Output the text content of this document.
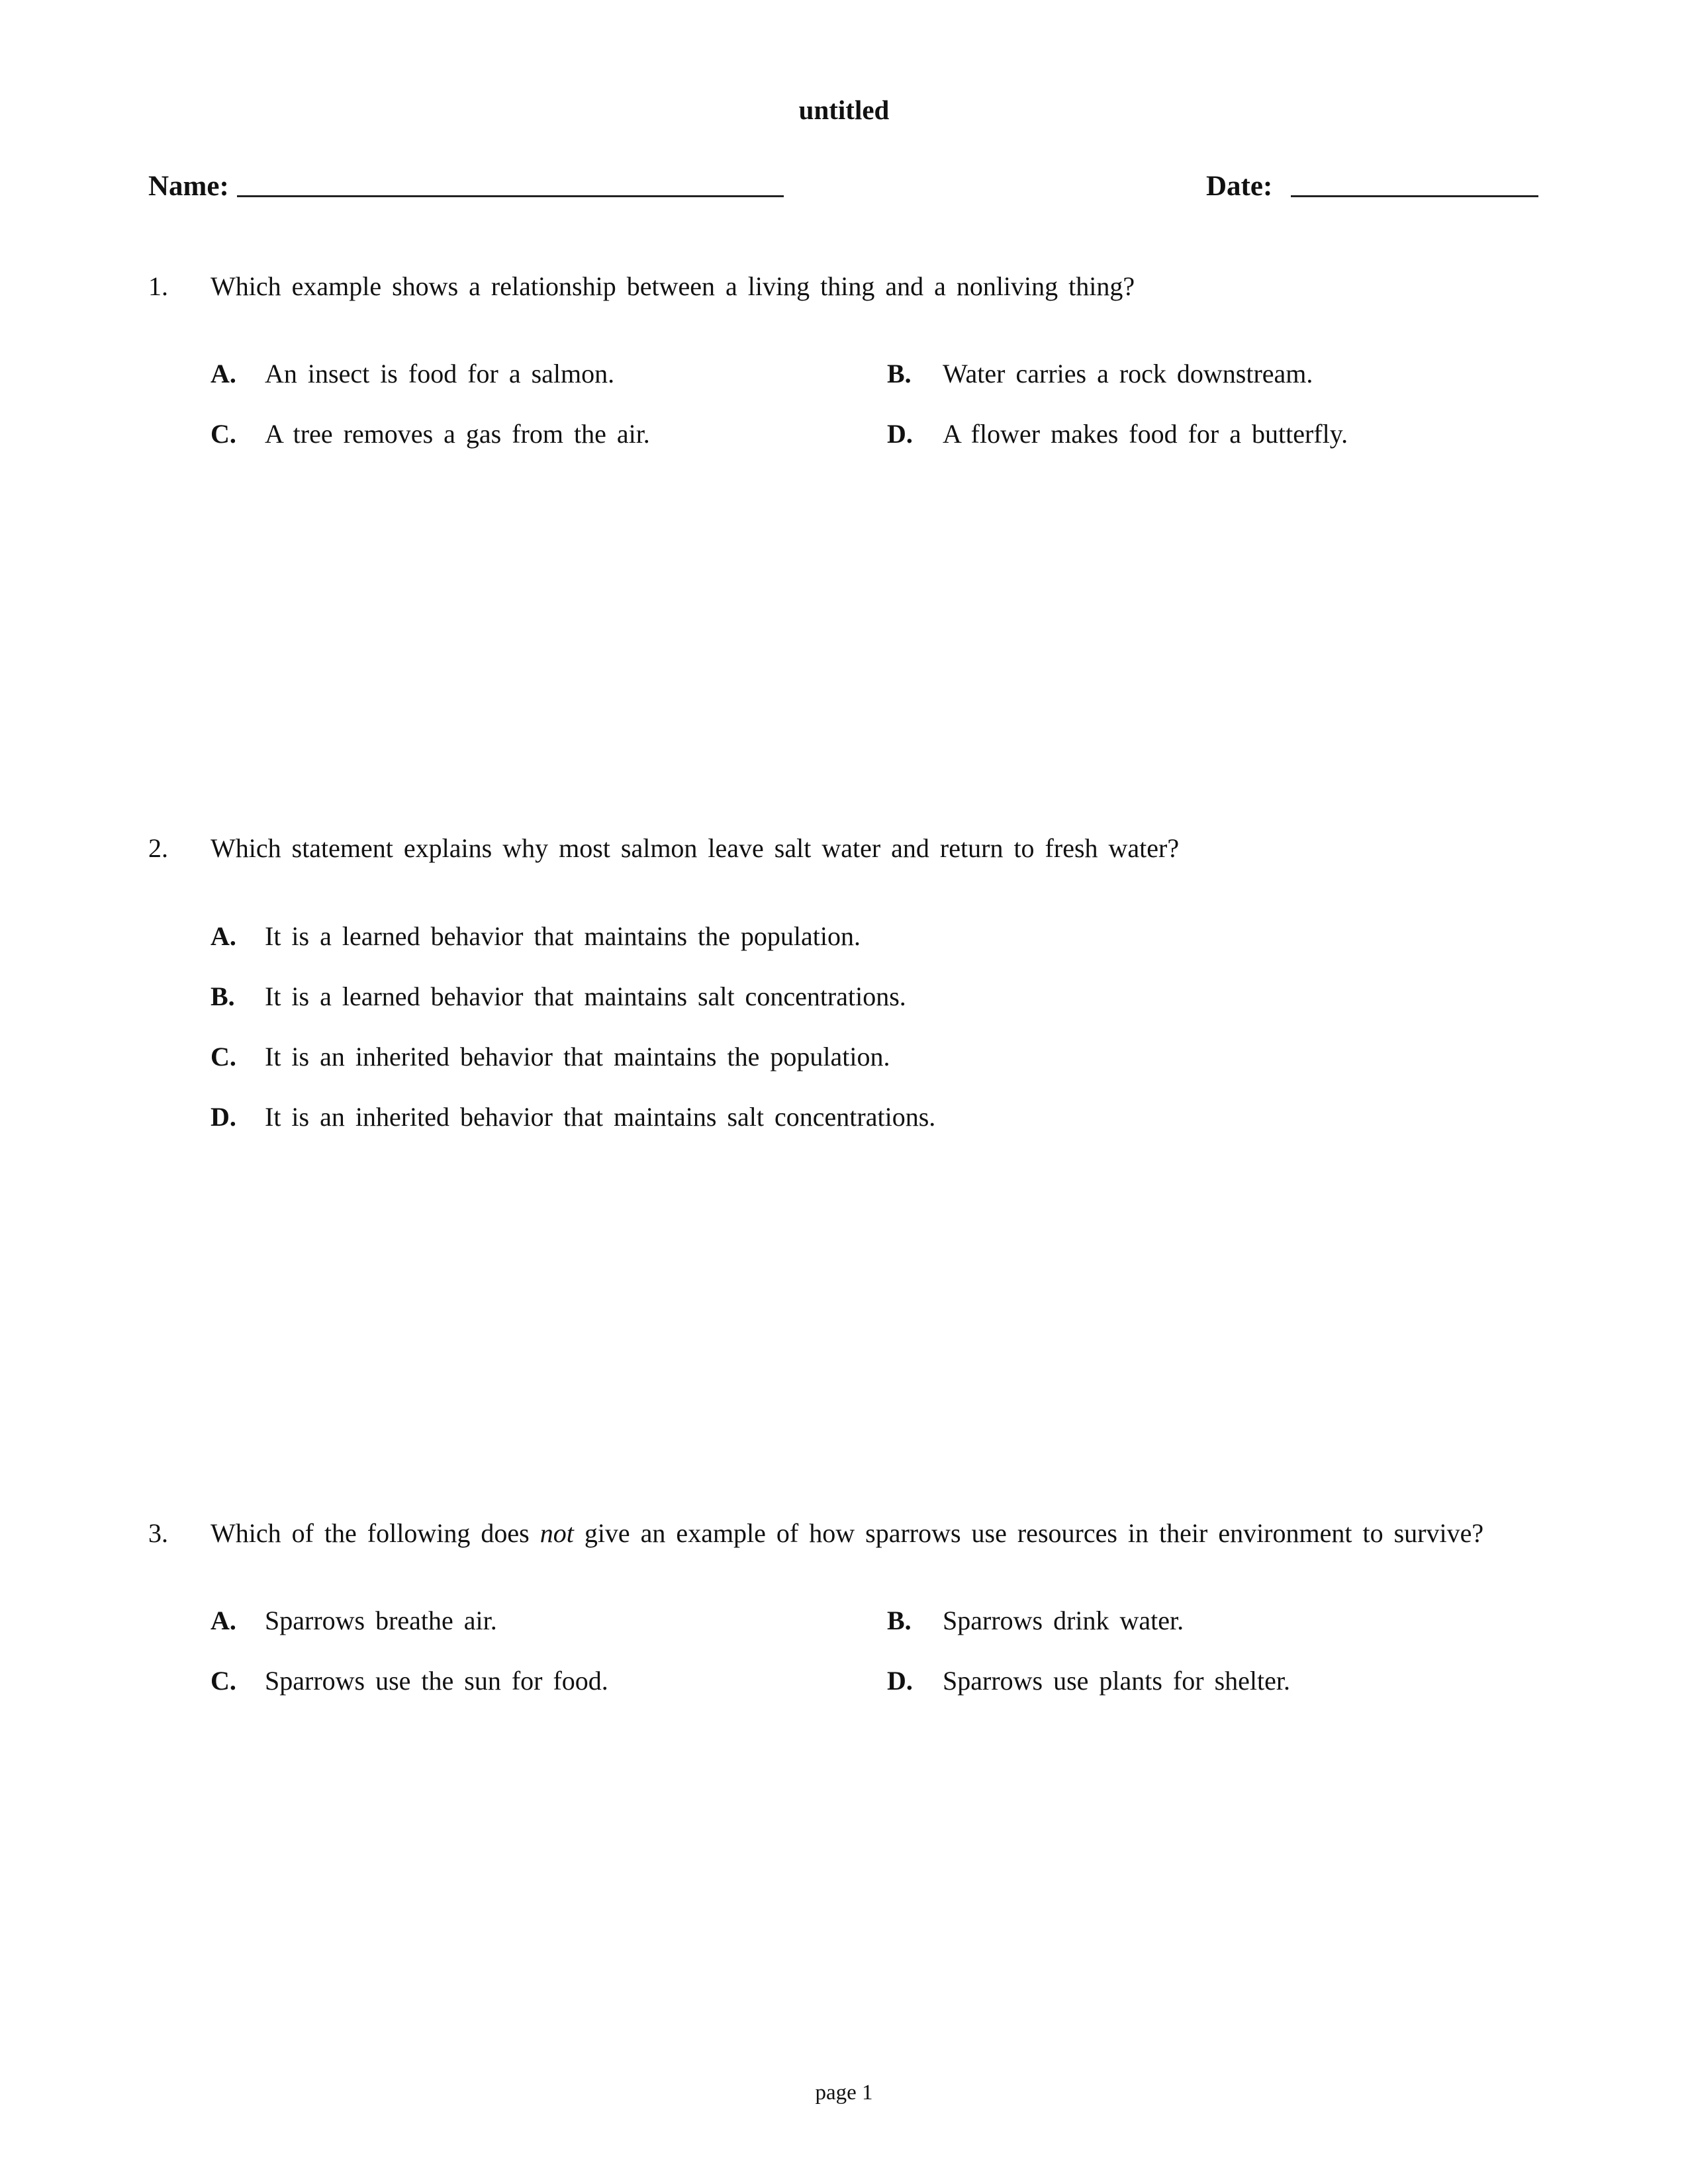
untitled
Name:	Date:
1. Which example shows a relationship between a living thing and a nonliving thing?
A. An insect is food for a salmon.	B. Water carries a rock downstream.
C. A tree removes a gas from the air.	D. A flower makes food for a butterfly.
2. Which statement explains why most salmon leave salt water and return to fresh water?
A. It is a learned behavior that maintains the population.
B. It is a learned behavior that maintains salt concentrations.
C. It is an inherited behavior that maintains the population.
D. It is an inherited behavior that maintains salt concentrations.
3. Which of the following does not give an example of how sparrows use resources in their environment to survive?
A. Sparrows breathe air.	B. Sparrows drink water.
C. Sparrows use the sun for food.	D. Sparrows use plants for shelter.
page 1
